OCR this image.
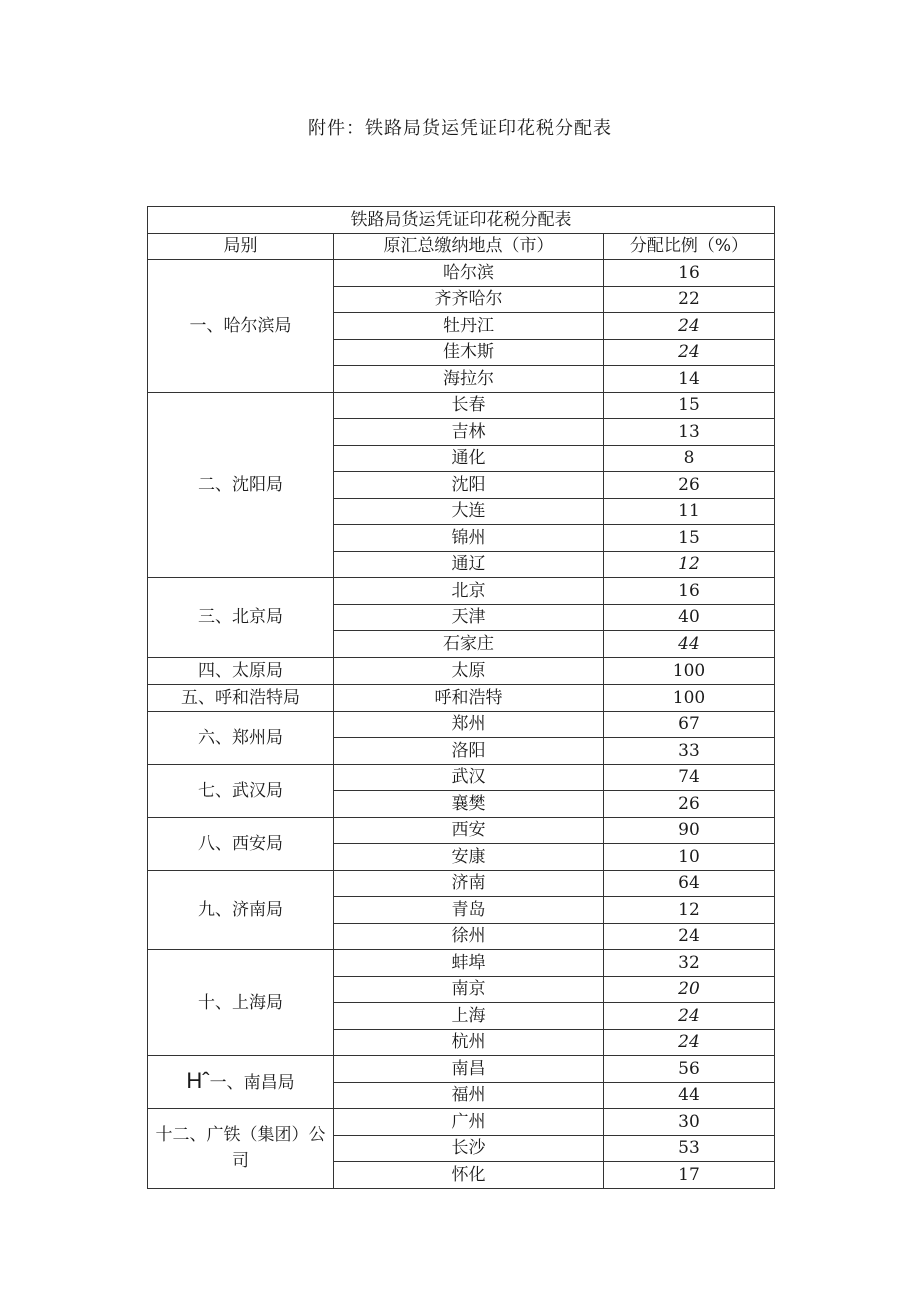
附件：铁路局货运凭证印花税分配表
铁路局货运凭证印花税分配表		
局别	原汇总缴纳地点（市）	分配比例（%）
一、哈尔滨局	哈尔滨	16
	齐齐哈尔	22
	牡丹江	24
	佳木斯	24
	海拉尔	14
二、沈阳局	长春	15
	吉林	13
	通化	8
	沈阳	26
	大连	11
	锦州	15
	通辽	12
三、北京局	北京	16
	天津	40
	石家庄	44
四、太原局	太原	100
五、呼和浩特局	呼和浩特	100
六、郑州局	郑州	67
	洛阳	33
七、武汉局	武汉	74
	襄樊	26
八、西安局	西安	90
	安康	10
九、济南局	济南	64
	青岛	12
	徐州	24
十、上海局	蚌埠	32
	南京	20
	上海	24
	杭州	24
Hˆ一、南昌局	南昌	56
	福州	44
十二、广铁（集团）公司	广州	30
	长沙	53
	怀化	17
